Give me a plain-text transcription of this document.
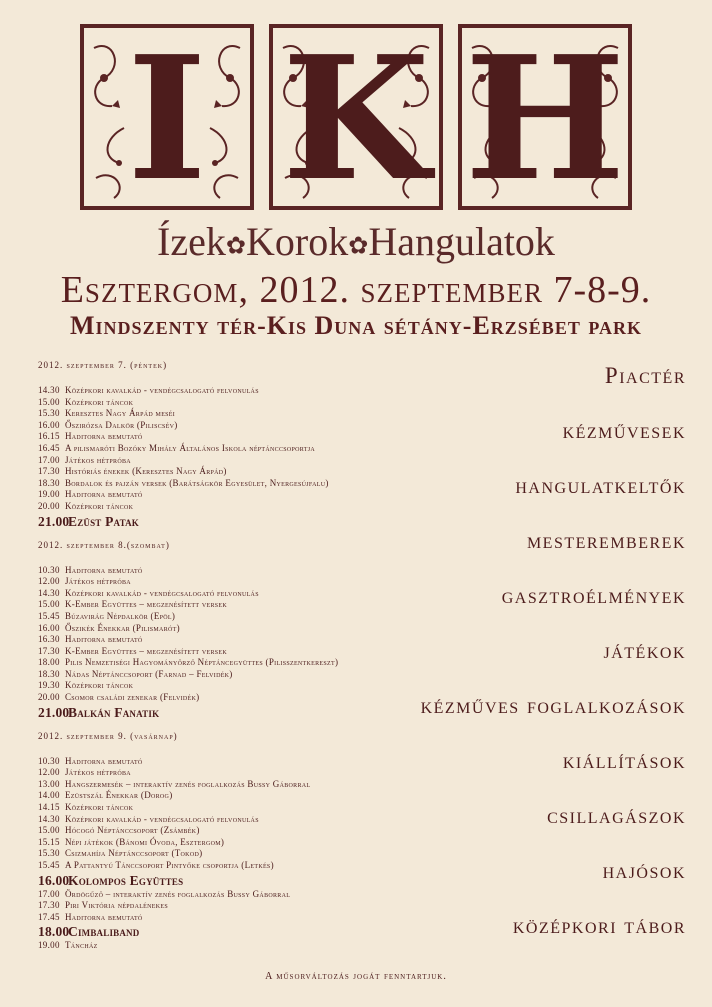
I K H
Ízek✿Korok✿Hangulatok
Esztergom, 2012. szeptember 7-8-9.
Mindszenty tér-Kis Duna sétány-Erzsébet park
2012. szeptember 7. (péntek)
14.30 Középkori kavalkád - vendégcsalogató felvonulás
15.00 Középkori táncok
15.30 Keresztes Nagy Árpád meséi
16.00 Őszirózsa Dalkör (Piliscsév)
16.15 Haditorna bemutató
16.45 A pilismaróti Bozóky Mihály Általános Iskola néptánccsoportja
17.00 Játékos hétpróba
17.30 Históriás énekek (Keresztes Nagy Árpád)
18.30 Bordalok és pajzán versek (Barátságkör Egyesület, Nyergesújfalu)
19.00 Haditorna bemutató
20.00 Középkori táncok
21.00Ezüst Patak
2012. szeptember 8.(szombat)
10.30 Haditorna bemutató
12.00 Játékos hétpróba
14.30 Középkori kavalkád - vendégcsalogató felvonulás
15.00 K-Ember Együttes – megzenésített versek
15.45 Búzavirág Népdalkör (Epöl)
16.00 Őszikék Énekkar (Pilismarót)
16.30 Haditorna bemutató
17.30 K-Ember Együttes – megzenésített versek
18.00 Pilis Nemzetiségi Hagyományőrző Néptáncegyüttes (Pilisszentkereszt)
18.30 Nádas Néptánccsoport (Farnad – Felvidék)
19.30 Középkori táncok
20.00 Csomor családi zenekar (Felvidék)
21.00Balkán Fanatik
2012. szeptember 9. (vasárnap)
10.30 Haditorna bemutató
12.00 Játékos hétpróba
13.00 Hangszermesék – interaktív zenés foglalkozás Bussy Gáborral
14.00 Ezüstszál Énekkar (Dorog)
14.15 Középkori táncok
14.30 Középkori kavalkád - vendégcsalogató felvonulás
15.00 Hócogó Néptánccsoport (Zsámbék)
15.15 Népi játékok (Bánomi Óvoda, Esztergom)
15.30 Csizmahíja Néptánccsoport (Tokod)
15.45 A Pattantyú Tánccsoport Pintyőke csoportja (Letkés)
16.00Kolompos Együttes
17.00 Ördögűző – interaktív zenés foglalkozás Bussy Gáborral
17.30 Piri Viktória népdalénekes
17.45 Haditorna bemutató
18.00Cimbaliband
19.00 Táncház
Piactér
kézművesek
hangulatkeltők
mesteremberek
gasztroélmények
játékok
kézműves foglalkozások
kiállítások
csillagászok
hajósok
középkori tábor
A műsorváltozás jogát fenntartjuk.
